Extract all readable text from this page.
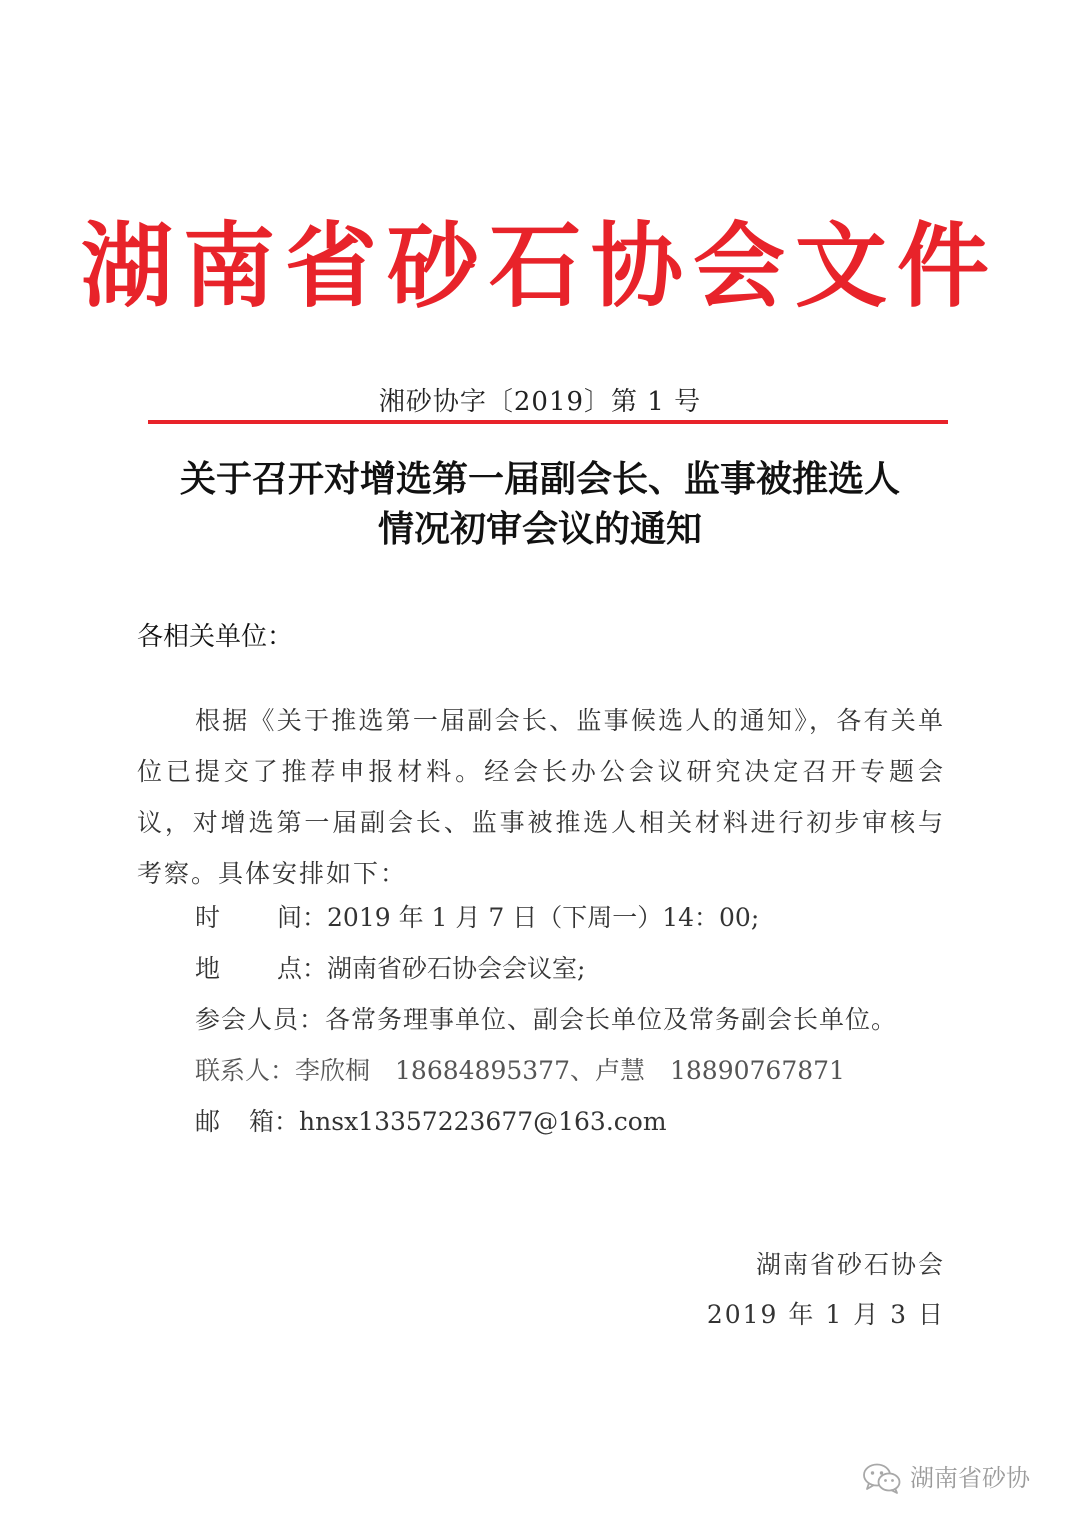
湖南省砂石协会文件
湘砂协字〔2019〕第 1 号
关于召开对增选第一届副会长、监事被推选人
情况初审会议的通知
各相关单位：
根据《关于推选第一届副会长、监事候选人的通知》，各有关单位已提交了推荐申报材料。经会长办公会议研究决定召开专题会议，对增选第一届副会长、监事被推选人相关材料进行初步审核与考察。具体安排如下：
时 间：2019 年 1 月 7 日（下周一）14：00;
地 点：湖南省砂石协会会议室;
参会人员：各常务理事单位、副会长单位及常务副会长单位。
联系人：李欣桐　18684895377、卢慧　18890767871
邮 箱：hnsx13357223677@163.com
湖南省砂石协会
2019 年 1 月 3 日
湖南省砂协
